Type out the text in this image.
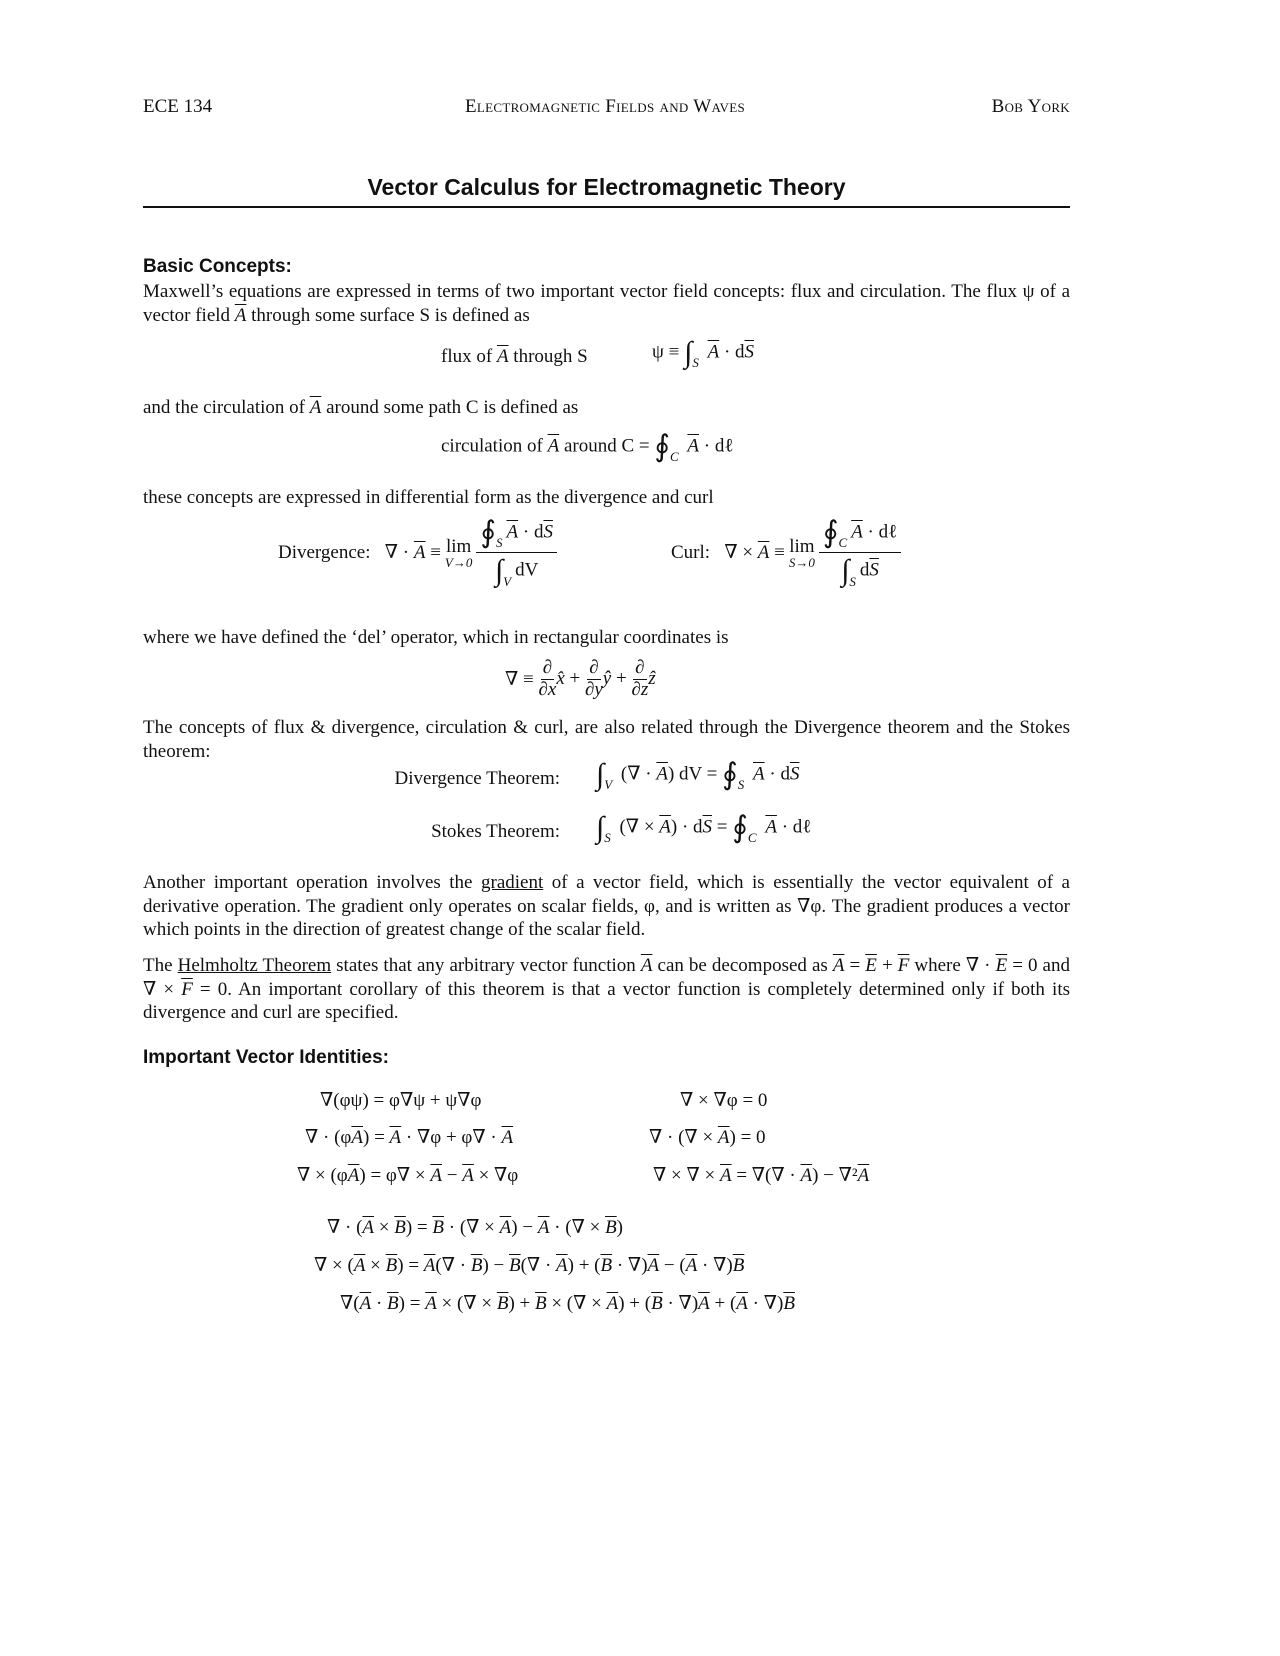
ECE 134	Electromagnetic Fields and Waves	Bob York
Vector Calculus for Electromagnetic Theory
Basic Concepts:
Maxwell’s equations are expressed in terms of two important vector field concepts: flux and circulation. The flux ψ of a vector field $\overline{A}$ through some surface S is defined as
flux of $\overline{A}$ through S	$\psi \equiv \int_S$ $\overline{A} \cdot d\overline{S}$
and the circulation of $\overline{A}$ around some path C is defined as
circulation of $\overline{A}$ around $C = ∮_C$ $\overline{A}$ · dℓ
these concepts are expressed in differential form as the divergence and curl
Divergence:
∇ · $\overline{A} \equiv \lim$
$V\to 0 \frac{∮_S\overline{A} \cdot d\overline{S}}{\int_VdV}$	Curl:
∇ × $\overline{A} \equiv \lim$
$S\to 0 \frac{∮_C\overline{A} \cdot d\ell}{\int_Sd\overline{S}}$
where we have defined the ‘del’ operator, which in rectangular coordinates is
∇ ≡

∂
∂x x̂
+

∂
∂y ŷ
+

∂
∂z ẑ

The concepts of flux & divergence, circulation & curl, are also related through the Divergence theorem and the Stokes theorem:
Divergence Theorem: $\int_V$ (∇ · $\overline{A}$) dV = $∮_S$ $\overline{A} \cdot d\overline{S}$
Stokes Theorem: $\int_S$ (∇ × $\overline{A}) \cdot d\overline{S}$ = $∮_C$ $\overline{A}$ · dℓ
Another important operation involves the gradient of a vector field, which is essentially the vector equivalent of a derivative operation. The gradient only operates on scalar fields, φ, and is written as ∇φ. The gradient produces a vector which points in the direction of greatest change of the scalar field.
The Helmholtz Theorem states that any arbitrary vector function $\overline{A}$ can be decomposed as $\overline{A} = \overline{E} + \overline{F}$ where ∇ · $\overline{E} = 0$ and ∇ × $\overline{F} = 0$. An important corollary of this theorem is that a vector function is completely determined only if both its divergence and curl are specified.
Important Vector Identities:
∇(φψ) = φ∇ψ + ψ∇φ
∇ · $(\varphi\overline{A}) = \overline{A} \cdot \nabla\varphi + \varphi\nabla \cdot \overline{A}$
∇ × $(\varphi\overline{A}) = \varphi\nabla \times \overline{A} - \overline{A} \times \nabla\varphi$
∇ × ∇φ = 0
∇ · (∇ × $\overline{A}) = 0$
∇ × ∇ × $\overline{A}$ = ∇(∇ · $\overline{A}) - \nabla^2\overline{A}$
∇ · $(\overline{A} \times \overline{B}) = \overline{B}$ · (∇ × $\overline{A}) - \overline{A}$ · (∇ × $\overline{B}$)
∇ × $(\overline{A} \times \overline{B}) = \overline{A}(\nabla \cdot \overline{B}) - \overline{B}(\nabla \cdot \overline{A}) + (\overline{B} \cdot \nabla)\overline{A} - (\overline{A} \cdot \nabla)\overline{B}$
$\nabla(\overline{A} \cdot \overline{B}) = \overline{A}$ × (∇ × $\overline{B}) + \overline{B}$ × (∇ × $\overline{A}) + (\overline{B} \cdot \nabla)\overline{A} + (\overline{A} \cdot \nabla)\overline{B}$
